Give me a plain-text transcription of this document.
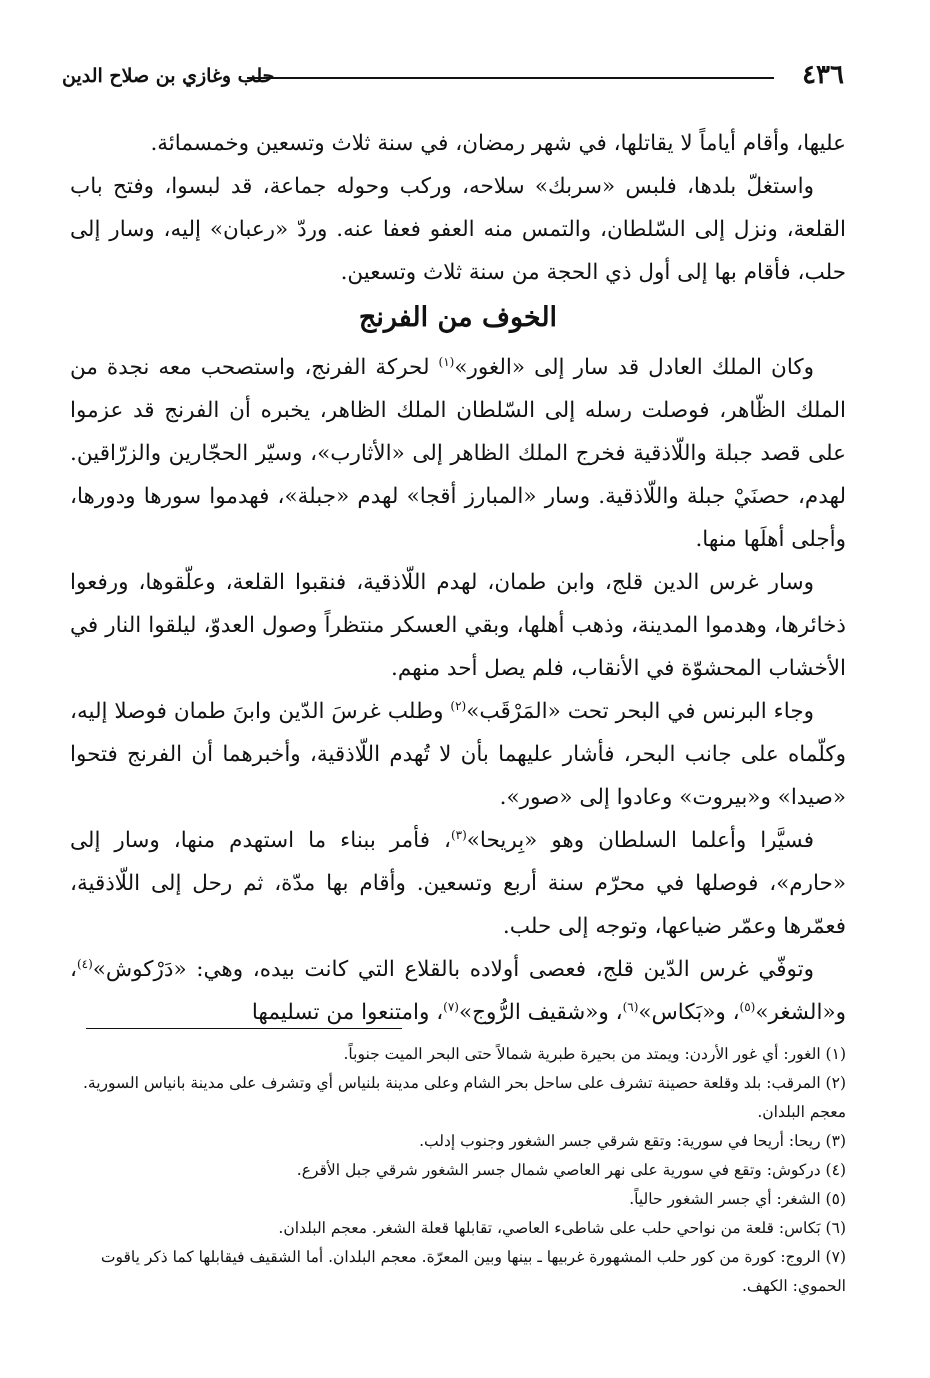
٤٣٦
حلب وغازي بن صلاح الدين

عليها، وأقام أياماً لا يقاتلها، في شهر رمضان، في سنة ثلاث وتسعين وخمسمائة.

واستغلّ بلدها، فلبس «سربك» سلاحه، وركب وحوله جماعة، قد لبسوا، وفتح باب القلعة، ونزل إلى السّلطان، والتمس منه العفو فعفا عنه. وردّ «رعبان» إليه، وسار إلى حلب، فأقام بها إلى أول ذي الحجة من سنة ثلاث وتسعين.

الخوف من الفرنج

وكان الملك العادل قد سار إلى «الغور»$^{(١)}$ لحركة الفرنج، واستصحب معه نجدة من الملك الظّاهر، فوصلت رسله إلى السّلطان الملك الظاهر، يخبره أن الفرنج قد عزموا على قصد جبلة واللّاذقية فخرج الملك الظاهر إلى «الأثارب»، وسيّر الحجّارين والزرّاقين. لهدم، حصنَيْ جبلة واللّاذقية. وسار «المبارز أقجا» لهدم «جبلة»، فهدموا سورها ودورها، وأجلى أهلَها منها.

وسار غرس الدين قلج، وابن طمان، لهدم اللّاذقية، فنقبوا القلعة، وعلّقوها، ورفعوا ذخائرها، وهدموا المدينة، وذهب أهلها، وبقي العسكر منتظراً وصول العدوّ، ليلقوا النار في الأخشاب المحشوّة في الأنقاب، فلم يصل أحد منهم.

وجاء البرنس في البحر تحت «المَرْقَب»$^{(٢)}$ وطلب غرسَ الدّين وابنَ طمان فوصلا إليه، وكلّماه على جانب البحر، فأشار عليهما بأن لا تُهدم اللّاذقية، وأخبرهما أن الفرنج فتحوا «صيدا» و«بيروت» وعادوا إلى «صور».

فسيَّرا وأعلما السلطان وهو «بِريحا»$^{(٣)}$، فأمر ببناء ما استهدم منها، وسار إلى «حارم»، فوصلها في محرّم سنة أربع وتسعين. وأقام بها مدّة، ثم رحل إلى اللّاذقية، فعمّرها وعمّر ضياعها، وتوجه إلى حلب.

وتوفّي غرس الدّين قلج، فعصى أولاده بالقلاع التي كانت بيده، وهي: «دَرْكوش»$^{(٤)}$، و«الشغر»$^{(٥)}$، و«بَكاس»$^{(٦)}$، و«شقيف الرُّوج»$^{(٧)}$، وامتنعوا من تسليمها

(١) الغور: أي غور الأردن: ويمتد من بحيرة طبرية شمالاً حتى البحر الميت جنوباً.

(٢) المرقب: بلد وقلعة حصينة تشرف على ساحل بحر الشام وعلى مدينة بلنياس أي وتشرف على مدينة بانياس السورية. معجم البلدان.

(٣) ريحا: أريحا في سورية: وتقع شرقي جسر الشغور وجنوب إدلب.

(٤) دركوش: وتقع في سورية على نهر العاصي شمال جسر الشغور شرقي جبل الأقرع.

(٥) الشغر: أي جسر الشغور حالياً.

(٦) بَكاس: قلعة من نواحي حلب على شاطىء العاصي، تقابلها قعلة الشغر. معجم البلدان.

(٧) الروج: كورة من كور حلب المشهورة غربيها ـ بينها وبين المعرّة. معجم البلدان. أما الشقيف فيقابلها كما ذكر ياقوت الحموي: الكهف.
